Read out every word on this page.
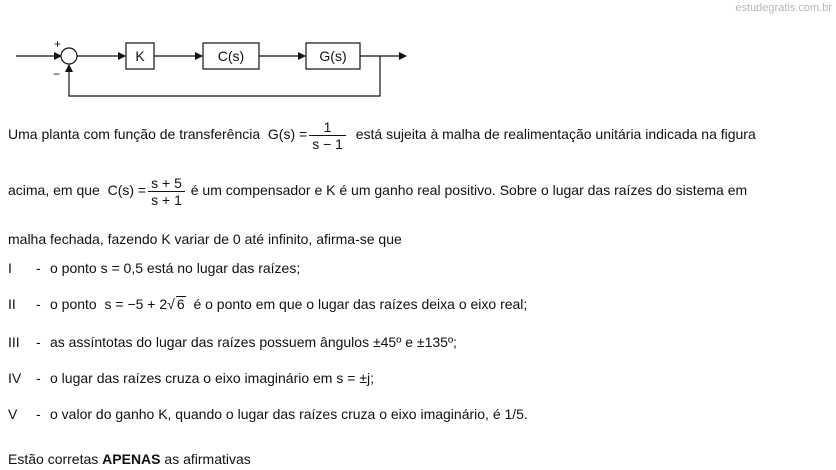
estudegratis.com.br
+
−
K	C(s)	G(s)
Uma planta com função de transferência $G(s) = \frac{1}{s - 1}$ está sujeita à malha de realimentação unitária indicada na figura
acima, em que $C(s) = \frac{s + 5}{s + 1}$ é um compensador e K é um ganho real positivo. Sobre o lugar das raízes do sistema em
malha fechada, fazendo K variar de 0 até infinito, afirma-se que
I - o ponto s = 0,5 está no lugar das raízes;
II - o ponto s = −5 + 2√ 6 é o ponto em que o lugar das raízes deixa o eixo real;
III - as assíntotas do lugar das raízes possuem ângulos ±45º e ±135º;
IV - o lugar das raízes cruza o eixo imaginário em s = ±j;
V - o valor do ganho K, quando o lugar das raízes cruza o eixo imaginário, é 1/5.
Estão corretas APENAS as afirmativas
